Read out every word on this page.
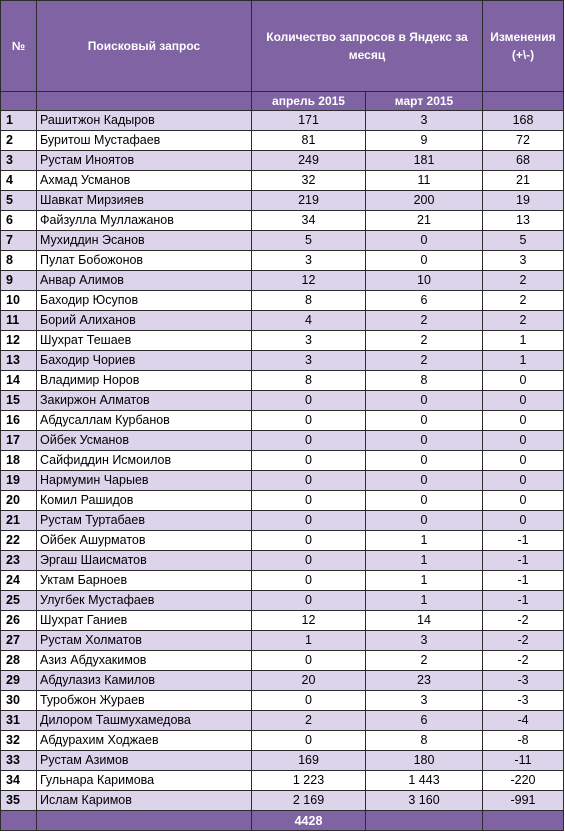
№	Поисковый запрос	Количество запросов в Яндекс за месяц		Изменения (+\-)
		апрель 2015	март 2015	
1	Рашитжон Кадыров	171	3	168
2	Буритош Мустафаев	81	9	72
3	Рустам Иноятов	249	181	68
4	Ахмад Усманов	32	11	21
5	Шавкат Мирзияев	219	200	19
6	Файзулла Муллажанов	34	21	13
7	Мухиддин Эсанов	5	0	5
8	Пулат Бобожонов	3	0	3
9	Анвар Алимов	12	10	2
10	Баходир Юсупов	8	6	2
11	Борий Алиханов	4	2	2
12	Шухрат Тешаев	3	2	1
13	Баходир Чориев	3	2	1
14	Владимир Норов	8	8	0
15	Закиржон Алматов	0	0	0
16	Абдусаллам Курбанов	0	0	0
17	Ойбек Усманов	0	0	0
18	Сайфиддин Исмоилов	0	0	0
19	Нармумин Чарыев	0	0	0
20	Комил Рашидов	0	0	0
21	Рустам Туртабаев	0	0	0
22	Ойбек Ашурматов	0	1	-1
23	Эргаш Шаисматов	0	1	-1
24	Уктам Барноев	0	1	-1
25	Улугбек Мустафаев	0	1	-1
26	Шухрат Ганиев	12	14	-2
27	Рустам Холматов	1	3	-2
28	Азиз Абдухакимов	0	2	-2
29	Абдулазиз Камилов	20	23	-3
30	Туробжон Жураев	0	3	-3
31	Дилором Ташмухамедова	2	6	-4
32	Абдурахим Ходжаев	0	8	-8
33	Рустам Азимов	169	180	-11
34	Гульнара Каримова	1 223	1 443	-220
35	Ислам Каримов	2 169	3 160	-991
		4428		
